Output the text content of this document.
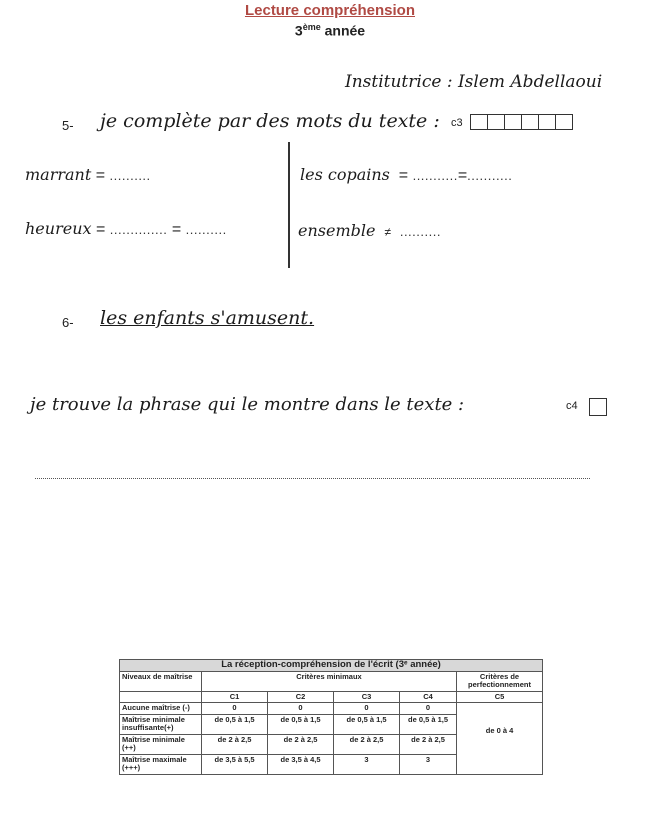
Lecture compréhension
3ème année
Institutrice : Islem Abdellaoui
5- je complète par des mots du texte : c3
marrant = ..........
heureux = .............. = ..........
les copains = ...........=...........
ensemble ≠ ..........
6- les enfants s'amusent.
je trouve la phrase qui le montre dans le texte :	c4
La réception-compréhension de l'écrit (3ᵉ année)					
Niveaux de maîtrise	Critères minimaux				Critères de perfectionnement

	C1	C2	C3	C4	C5
Aucune maîtrise (-)	0	0	0	0	de 0 à 4
Maîtrise minimale insuffisante(+)	de 0,5 à 1,5	de 0,5 à 1,5	de 0,5 à 1,5	de 0,5 à 1,5	
Maîtrise minimale (++)	de 2 à 2,5	de 2 à 2,5	de 2 à 2,5	de 2 à 2,5	
Maîtrise maximale (+++)	de 3,5 à 5,5	de 3,5 à 4,5	3	3	
